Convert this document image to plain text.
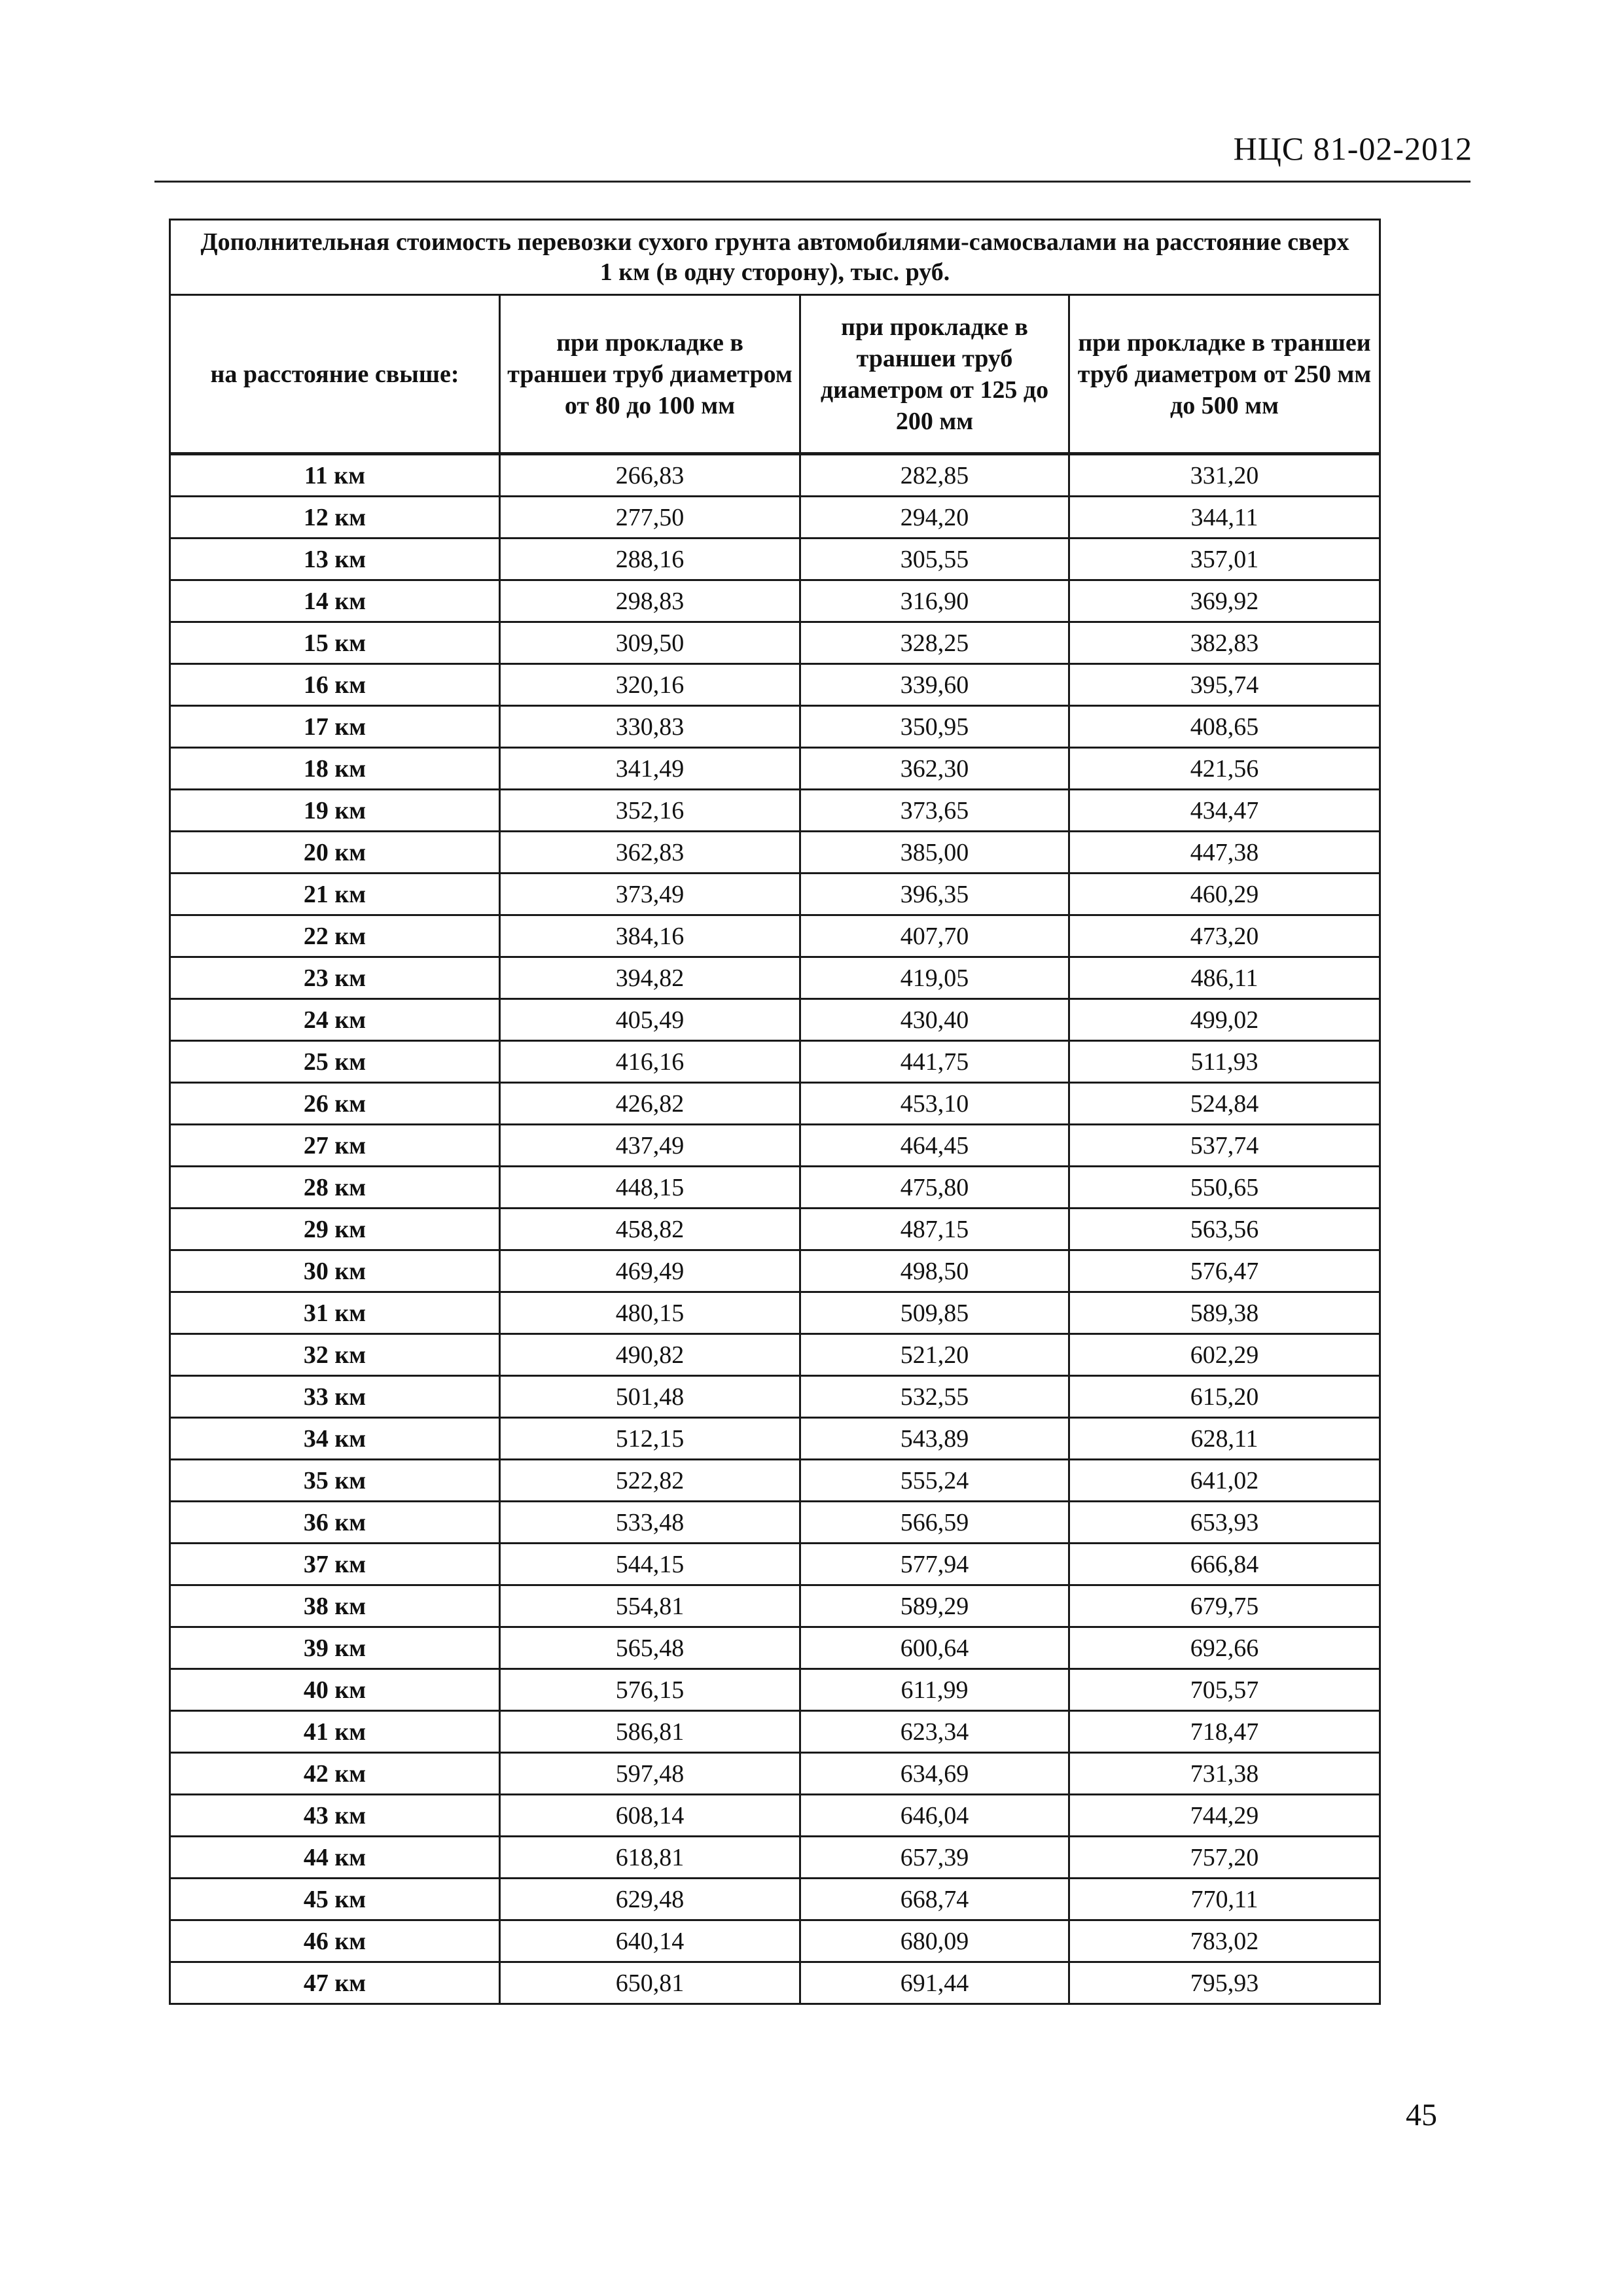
НЦС 81-02-2012
Дополнительная стоимость перевозки сухого грунта автомобилями-самосвалами на расстояние сверх 1 км (в одну сторону), тыс. руб.			
на расстояние свыше:	при прокладке в траншеи труб диаметром от 80 до 100 мм	при прокладке в траншеи труб диаметром от 125 до 200 мм	при прокладке в траншеи труб диаметром от 250 мм до 500 мм
11 км	266,83	282,85	331,20
12 км	277,50	294,20	344,11
13 км	288,16	305,55	357,01
14 км	298,83	316,90	369,92
15 км	309,50	328,25	382,83
16 км	320,16	339,60	395,74
17 км	330,83	350,95	408,65
18 км	341,49	362,30	421,56
19 км	352,16	373,65	434,47
20 км	362,83	385,00	447,38
21 км	373,49	396,35	460,29
22 км	384,16	407,70	473,20
23 км	394,82	419,05	486,11
24 км	405,49	430,40	499,02
25 км	416,16	441,75	511,93
26 км	426,82	453,10	524,84
27 км	437,49	464,45	537,74
28 км	448,15	475,80	550,65
29 км	458,82	487,15	563,56
30 км	469,49	498,50	576,47
31 км	480,15	509,85	589,38
32 км	490,82	521,20	602,29
33 км	501,48	532,55	615,20
34 км	512,15	543,89	628,11
35 км	522,82	555,24	641,02
36 км	533,48	566,59	653,93
37 км	544,15	577,94	666,84
38 км	554,81	589,29	679,75
39 км	565,48	600,64	692,66
40 км	576,15	611,99	705,57
41 км	586,81	623,34	718,47
42 км	597,48	634,69	731,38
43 км	608,14	646,04	744,29
44 км	618,81	657,39	757,20
45 км	629,48	668,74	770,11
46 км	640,14	680,09	783,02
47 км	650,81	691,44	795,93
45
